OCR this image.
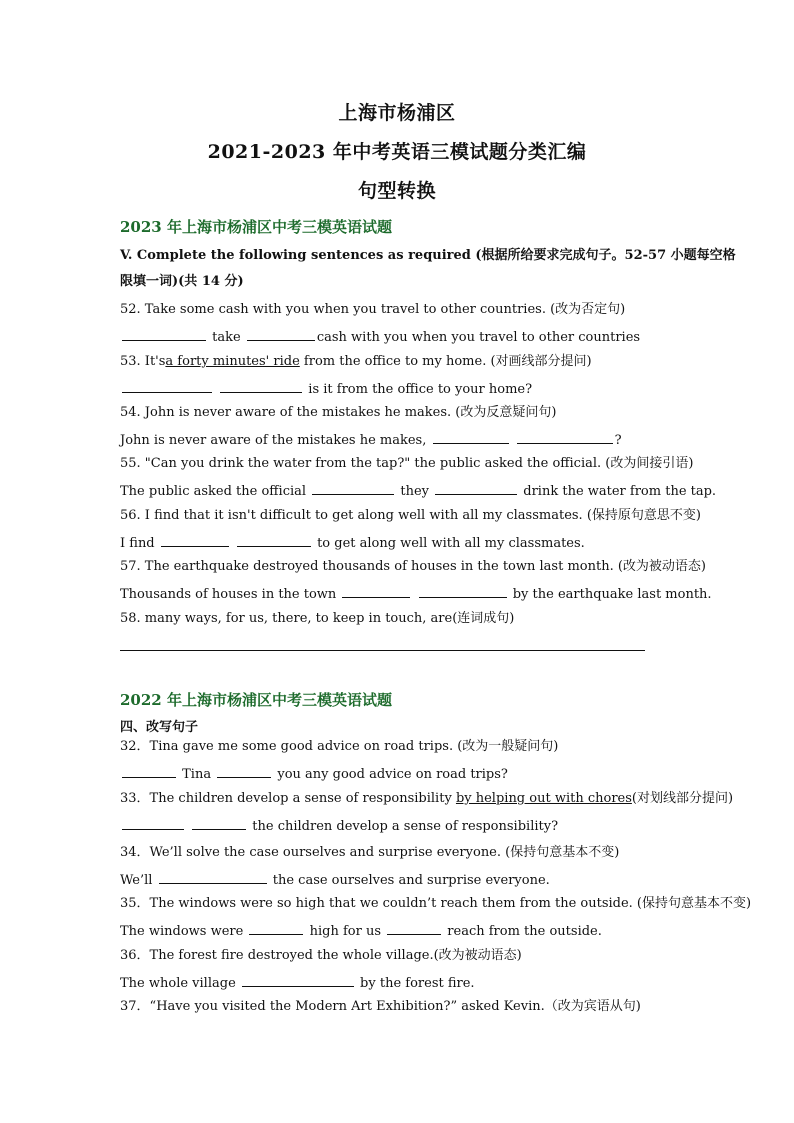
上海市杨浦区
2021-2023 年中考英语三模试题分类汇编
句型转换
2023 年上海市杨浦区中考三模英语试题
V. Complete the following sentences as required (根据所给要求完成句子。52-57 小题每空格
限填一词)(共 14 分)
52. Take some cash with you when you travel to other countries. (改为否定句)
take	cash with you when you travel to other countries
53. It'sa forty minutes' ride from the office to my home. (对画线部分提问)
is it from the office to your home?
54. John is never aware of the mistakes he makes. (改为反意疑问句)
John is never aware of the mistakes he makes,	?
55. "Can you drink the water from the tap?" the public asked the official. (改为间接引语)
The public asked the official	they	drink the water from the tap.
56. I find that it isn't difficult to get along well with all my classmates. (保持原句意思不变)
I find	to get along well with all my classmates.
57. The earthquake destroyed thousands of houses in the town last month. (改为被动语态)
Thousands of houses in the town	by the earthquake last month.
58. many ways, for us, there, to keep in touch, are(连词成句)
2022 年上海市杨浦区中考三模英语试题
四、改写句子
32．Tina gave me some good advice on road trips. (改为一般疑问句)
Tina	you any good advice on road trips?
33．The children develop a sense of responsibility by helping out with chores(对划线部分提问)
the children develop a sense of responsibility?
34．We’ll solve the case ourselves and surprise everyone. (保持句意基本不变)
We’ll	the case ourselves and surprise everyone.
35．The windows were so high that we couldn’t reach them from the outside. (保持句意基本不变)
The windows were	high for us	reach from the outside.
36．The forest fire destroyed the whole village.(改为被动语态)
The whole village	by the forest fire.
37．“Have you visited the Modern Art Exhibition?” asked Kevin.（改为宾语从句)
